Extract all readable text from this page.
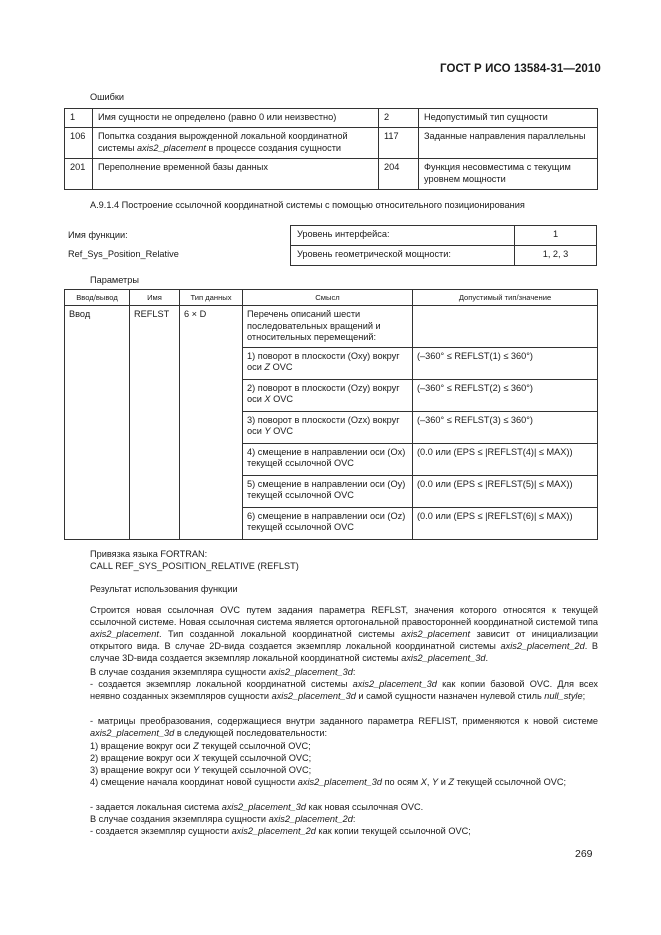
ГОСТ Р ИСО 13584-31—2010
Ошибки
1	Имя сущности не определено (равно 0 или неизвестно)	2	Недопустимый тип сущности
106	Попытка создания вырожденной локальной координатной системы axis2_placement в процессе создания сущности	117	Заданные направления параллельны
201	Переполнение временной базы данных	204	Функция несовместима с текущим уровнем мощности
А.9.1.4 Построение ссылочной координатной системы с помощью относительного позиционирования
Имя функции:
Ref_Sys_Position_Relative
Уровень интерфейса:	1
Уровень геометрической мощности:	1, 2, 3
Параметры
Ввод/вывод	Имя	Тип данных	Смысл	Допустимый тип/значение
Ввод	REFLST	6 × D	Перечень описаний шести последовательных вращений и относительных перемещений:	
			1) поворот в плоскости (Oxy) вокруг оси Z OVC	(–360° ≤ REFLST(1) ≤ 360°)
			2) поворот в плоскости (Ozy) вокруг оси X OVC	(–360° ≤ REFLST(2) ≤ 360°)
			3) поворот в плоскости (Ozx) вокруг оси Y OVC	(–360° ≤ REFLST(3) ≤ 360°)
			4) смещение в направлении оси (Ox) текущей ссылочной OVC	(0.0 или (EPS ≤ |REFLST(4)| ≤ MAX))
			5) смещение в направлении оси (Oy) текущей ссылочной OVC	(0.0 или (EPS ≤ |REFLST(5)| ≤ MAX))
			6) смещение в направлении оси (Oz) текущей ссылочной OVC	(0.0 или (EPS ≤ |REFLST(6)| ≤ MAX))
Привязка языка FORTRAN:
CALL REF_SYS_POSITION_RELATIVE (REFLST)
Результат использования функции
Строится новая ссылочная OVC путем задания параметра REFLST, значения которого относятся к текущей ссылочной системе. Новая ссылочная система является ортогональной правосторонней координатной системой типа axis2_placement. Тип созданной локальной координатной системы axis2_placement зависит от инициализации открытого вида. В случае 2D-вида создается экземпляр локальной координатной системы axis2_placement_2d. В случае 3D-вида создается экземпляр локальной координатной системы axis2_placement_3d.
В случае создания экземпляра сущности axis2_placement_3d:
- создается экземпляр локальной координатной системы axis2_placement_3d как копии базовой OVC. Для всех неявно созданных экземпляров сущности axis2_placement_3d и самой сущности назначен нулевой стиль null_style;
- матрицы преобразования, содержащиеся внутри заданного параметра REFLIST, применяются к новой системе axis2_placement_3d в следующей последовательности:
1) вращение вокруг оси Z текущей ссылочной OVC;
2) вращение вокруг оси X текущей ссылочной OVC;
3) вращение вокруг оси Y текущей ссылочной OVC;
4) смещение начала координат новой сущности axis2_placement_3d по осям X, Y и Z текущей ссылочной OVC;
- задается локальная система axis2_placement_3d как новая ссылочная OVC.
В случае создания экземпляра сущности axis2_placement_2d:
- создается экземпляр сущности axis2_placement_2d как копии текущей ссылочной OVC;
269
